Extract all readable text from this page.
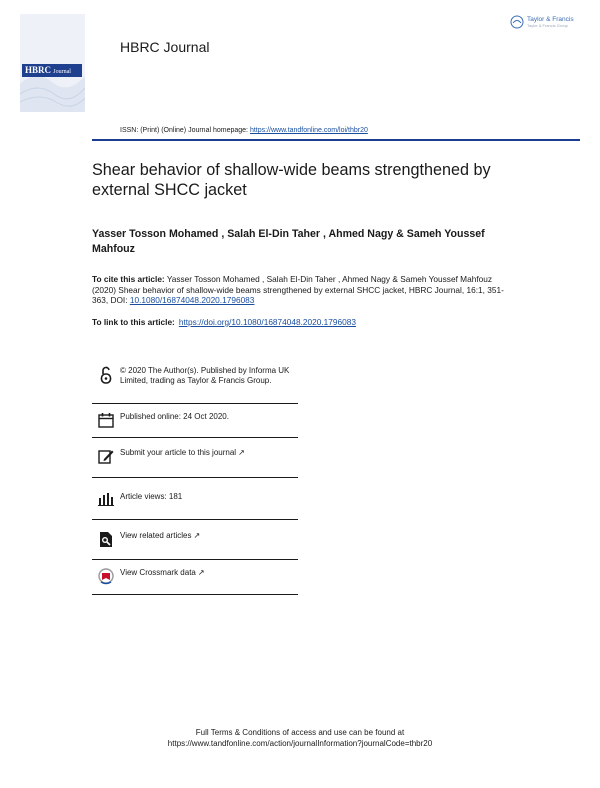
HBRC Journal
HBRC Journal
Taylor & Francis
Taylor & Francis Group
ISSN: (Print) (Online) Journal homepage: https://www.tandfonline.com/loi/thbr20
Shear behavior of shallow-wide beams strengthened by external SHCC jacket
Yasser Tosson Mohamed , Salah El-Din Taher , Ahmed Nagy & Sameh Youssef Mahfouz
To cite this article: Yasser Tosson Mohamed , Salah El-Din Taher , Ahmed Nagy & Sameh Youssef Mahfouz (2020) Shear behavior of shallow-wide beams strengthened by external SHCC jacket, HBRC Journal, 16:1, 351-363, DOI: 10.1080/16874048.2020.1796083
To link to this article: https://doi.org/10.1080/16874048.2020.1796083
© 2020 The Author(s). Published by Informa UK Limited, trading as Taylor & Francis Group.
Published online: 24 Oct 2020.
Submit your article to this journal ↗
Article views: 181
View related articles ↗
View Crossmark data ↗
Full Terms & Conditions of access and use can be found at
https://www.tandfonline.com/action/journalInformation?journalCode=thbr20
